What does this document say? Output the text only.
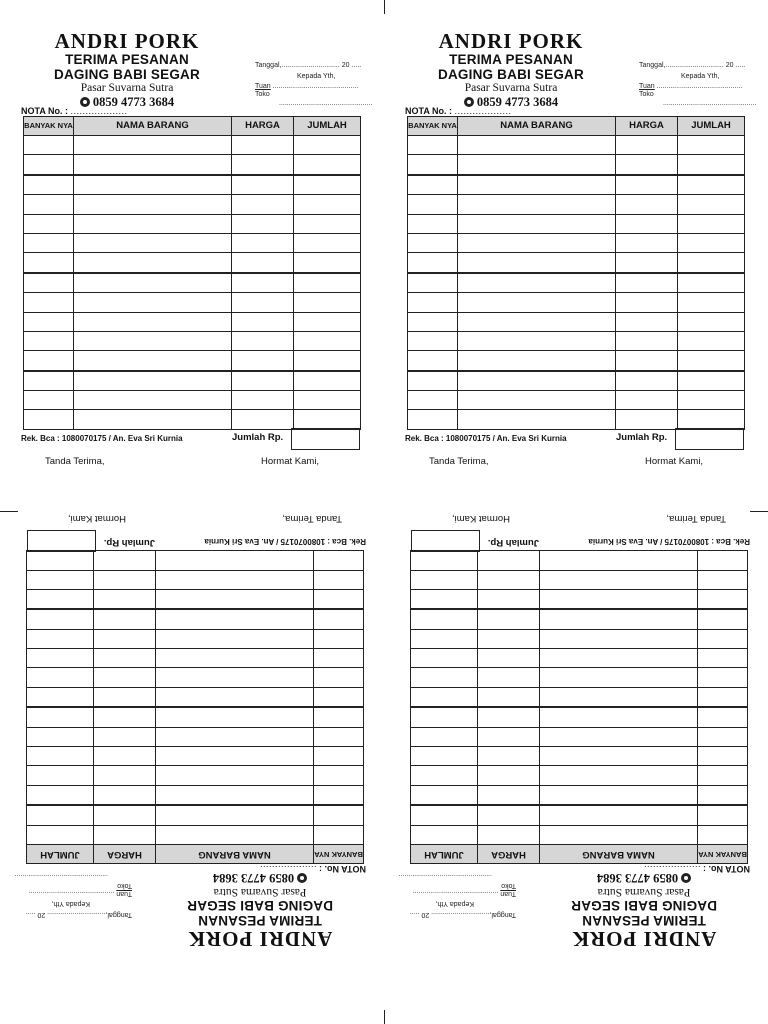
ANDRI PORK
TERIMA PESANAN
DAGING BABI SEGAR
Pasar Suvarna Sutra
0859 4773 3684
Tanggal,.............................. 20 .....
Kepada Yth,
Tuan ............................................
Toko
................................................
NOTA No. : ...................
BANYAK NYA	NAMA BARANG	HARGA	JUMLAH

Rek. Bca : 1080070175 / An. Eva Sri Kurnia	Jumlah Rp.
Tanda Terima,	Hormat Kami,
ANDRI PORK
TERIMA PESANAN
DAGING BABI SEGAR
Pasar Suvarna Sutra
0859 4773 3684
Tanggal,.............................. 20 .....
Kepada Yth,
Tuan ............................................
Toko
................................................
NOTA No. : ...................
BANYAK NYA	NAMA BARANG	HARGA	JUMLAH

Rek. Bca : 1080070175 / An. Eva Sri Kurnia	Jumlah Rp.
Tanda Terima,	Hormat Kami,
ANDRI PORK
TERIMA PESANAN
DAGING BABI SEGAR
Pasar Suvarna Sutra
0859 4773 3684
Tanggal,.............................. 20 .....
Kepada Yth,
Tuan ............................................
Toko
................................................
NOTA No. : ...................
BANYAK NYA	NAMA BARANG	HARGA	JUMLAH

Rek. Bca : 1080070175 / An. Eva Sri Kurnia
Jumlah Rp.
Tanda Terima,
Hormat Kami,
ANDRI PORK
TERIMA PESANAN
DAGING BABI SEGAR
Pasar Suvarna Sutra
0859 4773 3684
Tanggal,.............................. 20 .....
Kepada Yth,
Tuan ............................................
Toko
................................................
NOTA No. : ...................
BANYAK NYA	NAMA BARANG	HARGA	JUMLAH

Rek. Bca : 1080070175 / An. Eva Sri Kurnia
Jumlah Rp.
Tanda Terima,
Hormat Kami,
